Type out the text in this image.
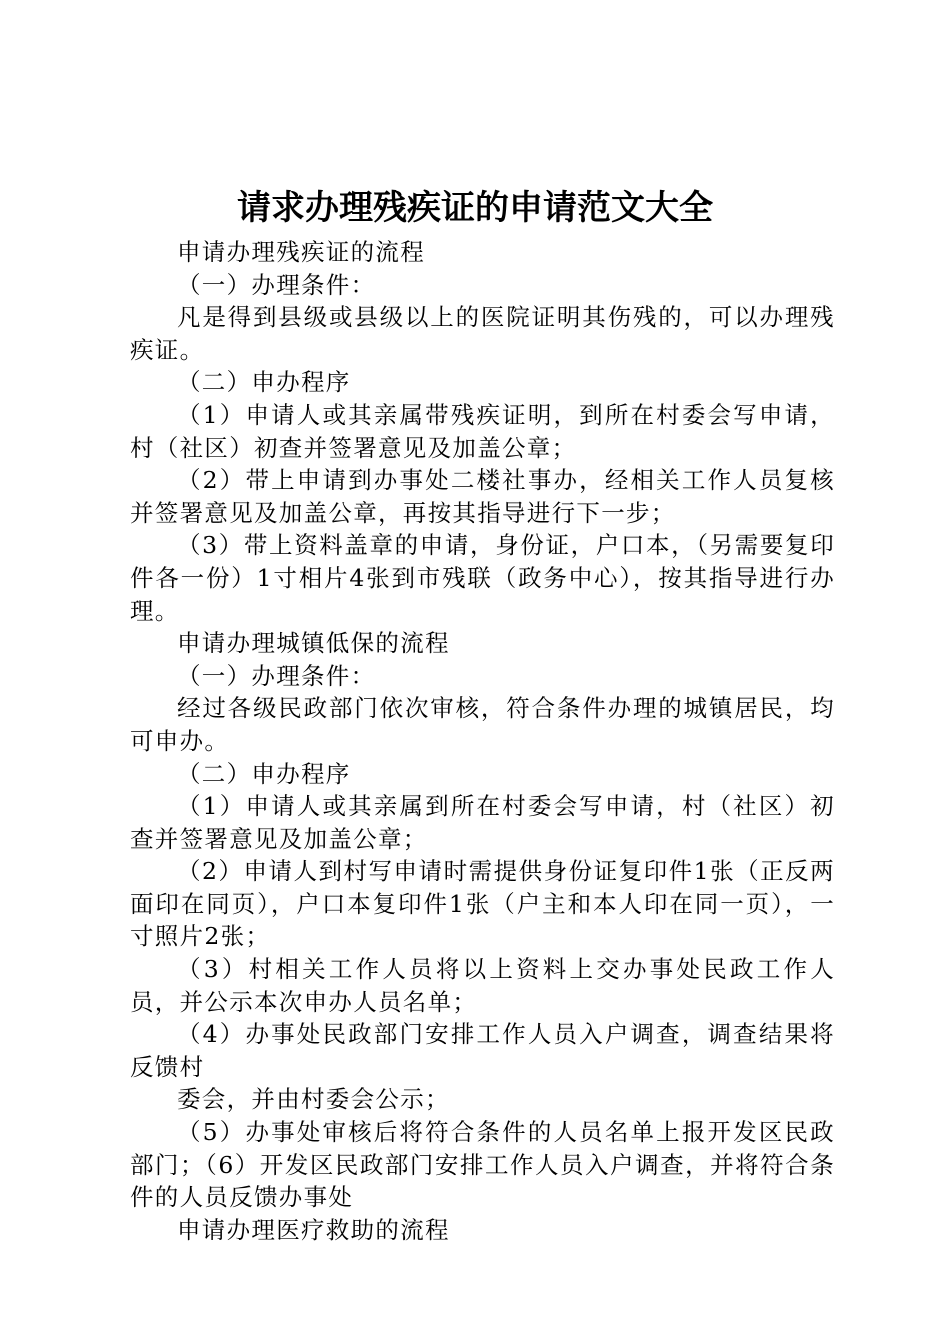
请求办理残疾证的申请范文大全

申请办理残疾证的流程

（一）办理条件：

凡是得到县级或县级以上的医院证明其伤残的，可以办理残疾证。

（二）申办程序

（1）申请人或其亲属带残疾证明，到所在村委会写申请，村（社区）初查并签署意见及加盖公章；

（2）带上申请到办事处二楼社事办，经相关工作人员复核并签署意见及加盖公章，再按其指导进行下一步；

（3）带上资料盖章的申请，身份证，户口本，（另需要复印件各一份）1寸相片4张到市残联（政务中心），按其指导进行办理。

申请办理城镇低保的流程

（一）办理条件：

经过各级民政部门依次审核，符合条件办理的城镇居民，均可申办。

（二）申办程序

（1）申请人或其亲属到所在村委会写申请，村（社区）初查并签署意见及加盖公章；

（2）申请人到村写申请时需提供身份证复印件1张（正反两面印在同页），户口本复印件1张（户主和本人印在同一页），一寸照片2张；

（3）村相关工作人员将以上资料上交办事处民政工作人员，并公示本次申办人员名单；

（4）办事处民政部门安排工作人员入户调查，调查结果将反馈村

委会，并由村委会公示；

（5）办事处审核后将符合条件的人员名单上报开发区民政部门；（6）开发区民政部门安排工作人员入户调查，并将符合条件的人员反馈办事处

申请办理医疗救助的流程
